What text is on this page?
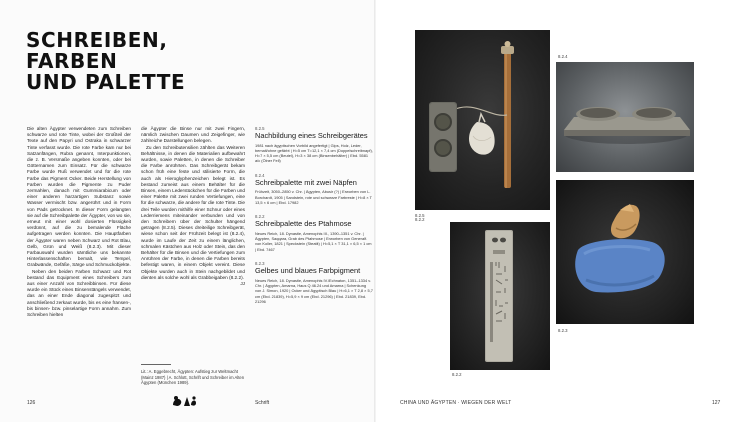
SCHREIBEN, FARBEN
UND PALETTE

Die alten Ägypter verwendeten zum Schreiben schwarze und rote Tinte, wobei der Großteil der Texte auf den Papyri und Ostraka in schwarzer Tinte verfasst wurde. Die rote Farbe kam nur bei Satzanfängen, Rubra genannt, Interpunktionen, die z. B. Versmaße angeben konnten, oder bei Götternamen zum Einsatz. Für die schwarze Farbe wurde Ruß verwendet und für die rote Farbe das Pigment Ocker. Beide Herstellung von Farben wurden die Pigmente zu Puder zermahlen, danach mit Gummiarabicum oder einer anderen harzartigen Substanz sowie Wasser vermischt bzw. angerührt und in Form von Pads getrocknet. In dieser Form gelangten sie auf die Schreibpalette der Ägypter, von wo sie, erneut mit einer wohl dosierten Flüssigkeit verdünnt, auf die zu bemalende Fläche aufgetragen werden konnten. Die Hauptfarben der Ägypter waren neben Schwarz und Rot Blau, Gelb, Grün und Weiß (8.2.3). Mit dieser Farbauswahl wurden sämtliche uns bekannte Hinterlassenschaften bemalt, wie Tempel, Grabwände, Gefäße, Särge und Schmuckobjekte.

Neben den beiden Farben Schwarz und Rot bestand das Equipment eines Schreibers zum aus einer Anzahl von Schreibbinsen. Für diese wurde ein Stück eines Binsenstängels verwendet, das an einer Ende diagonal zugespitzt und anschließend zerkaut wurde, bis es eine fransen-, bis binsen- bzw. pinselartige Form annahm. Zum Schreiben hielten

die Ägypter die Binse nur mit zwei Fingern, nämlich zwischen Daumen und Zeigefinger, wie zahlreiche Darstellungen belegen.

Zu den Schreibutensilien zählten das Weiteren Behältnisse, in denen die Materialien aufbewahrt wurden, sowie Paletten, in denen die Schreiber die Farbe anrührten. Das Schreibgerät bekam schon früh eine feste und stilisierte Form, die auch als Hieroglyphenzeichen belegt ist. Es bestand zumeist aus einem Behälter für die Binsen, einem Lederstückchen für die Farben und einer Palette mit zwei runden Vertiefungen, eine für die schwarze, die andere für die rote Tinte. Die drei Teile wurden mithilfe einer Schnur oder eines Lederriemens miteinander verbunden und von den Schreibern über der Schulter hängend getragen (8.2.5). Dieses dreiteilige Schreibgerät, wiese schon seit der Frühzeit belegt ist (8.2.4), wurde im Laufe der Zeit zu einem länglichen, schmalen Kästchen aus Holz oder Stein, das den Behälter für die Binsen und die Vertiefungen zum Anrühren der Farbe, in denen die Farben bereits befestigt waren, in einem Objekt vereint. Diese Objekte wurden auch in Stein nachgebildet und dienten als solche wohl als Grabbeigaben (8.2.2).

JJ

Lit.: A. Eggebrecht, Ägypten: Aufstieg zur Weltmacht (Mainz 1987) | A. Schlott, Schrift und Schreiber im Alten Ägypten (München 1989).
8.2.5
Nachbildung eines Schreibgerätes
1981 nach ägyptischen Vorbild angefertigt | Gips, Holz, Leder, bemalt/ohne gefärbt | H=5 cm T=12,1 × 7,4 cm (Doppelschreibnapf), H=7 × 5,5 cm (Beutel), H=3 × 38 cm (Binsenbehälter) | Ebd. 5581 a/c (Ölner Fell)
8.2.4
Schreibpalette mit zwei Näpfen
Frühzeit, 3050–2850 v. Chr. | Ägypten, Abusir (?) | Erworben von L. Borchardt, 1905 | Sandstein, rote und schwarze Farbreste | H=8 × T 13,5 × 6 cm | Ebd. 17982
8.2.2
Schreibpalette des Ptahmose
Neues Reich, 18. Dynastie, Amenophis III., 1390–1351 v. Chr. | Ägypten, Saqqara, Grab des Ptahmose | Erworben von Generalf. von Koller, 1821 | Speckstein (Steatit) | H=5,1 × T 31,1 × 6,5 × 1 cm | Ebd. 7467
8.2.3
Gelbes und blaues Farbpigment
Neues Reich, 18. Dynastie, Amenophis IV./Echnaton, 1351–1334 v. Chr. | Ägypten, Amarna, Haus Q 46.24 und Amarna | Schenkung von J. Simon, 1920 | Ocker und Ägyptisch Blau | H=6,1 × T 2,8 × 5,7 cm (Ebd. 21839), H=5,9 × 9 cm (Ebd. 21296) | Ebd. 21839, Ebd. 21296
126	Schrift	CHINA UND ÄGYPTEN · WIEGEN DER WELT	127
8.2.5
8.2.4
8.2.2
8.2.2
8.2.3
